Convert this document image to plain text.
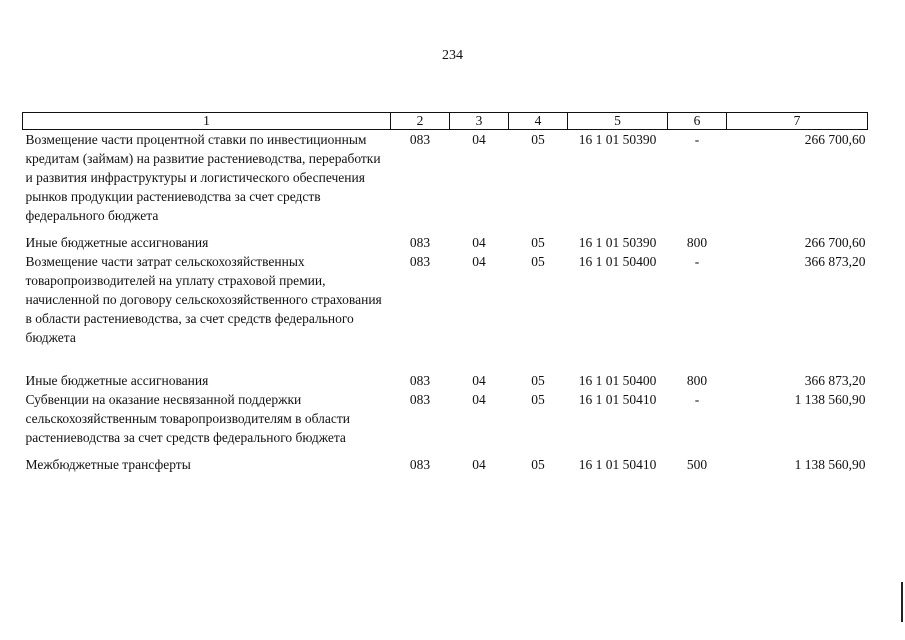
234
1	2	3	4	5	6	7
Возмещение части процентной ставки по инвестиционным кредитам (займам) на развитие растениеводства, переработки и развития инфраструктуры и логистического обеспечения рынков продукции растениеводства за счет средств федерального бюджета	083	04	05	16 1 01 50390	-	266 700,60

Иные бюджетные ассигнования	083	04	05	16 1 01 50390	800	266 700,60
Возмещение части затрат сельскохозяйственных товаропроизводителей на уплату страховой премии, начисленной по договору сельскохозяйственного страхования в области растениеводства, за счет средств федерального бюджета	083	04	05	16 1 01 50400	-	366 873,20

Иные бюджетные ассигнования	083	04	05	16 1 01 50400	800	366 873,20
Субвенции на оказание несвязанной поддержки сельскохозяйственным товаропроизводителям в области растениеводства за счет средств федерального бюджета	083	04	05	16 1 01 50410	-	1 138 560,90

Межбюджетные трансферты	083	04	05	16 1 01 50410	500	1 138 560,90
